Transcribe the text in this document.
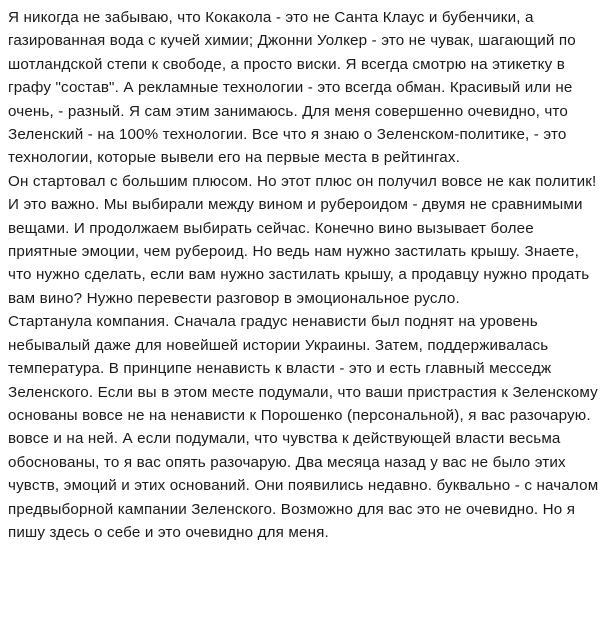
Я никогда не забываю, что Кокакола - это не Санта Клаус и бубенчики, а газированная вода с кучей химии; Джонни Уолкер - это не чувак, шагающий по шотландской степи к свободе, а просто виски. Я всегда смотрю на этикетку в графу "состав". А рекламные технологии - это всегда обман. Красивый или не очень, - разный. Я сам этим занимаюсь. Для меня совершенно очевидно, что Зеленский - на 100% технологии. Все что я знаю о Зеленском-политике, - это технологии, которые вывели его на первые места в рейтингах.

Он стартовал с большим плюсом. Но этот плюс он получил вовсе не как политик! И это важно. Мы выбирали между вином и рубероидом - двумя не сравнимыми вещами. И продолжаем выбирать сейчас. Конечно вино вызывает более приятные эмоции, чем рубероид. Но ведь нам нужно застилать крышу. Знаете, что нужно сделать, если вам нужно застилать крышу, а продавцу нужно продать вам вино? Нужно перевести разговор в эмоциональное русло.

Стартанула компания. Сначала градус ненависти был поднят на уровень небывалый даже для новейшей истории Украины. Затем, поддерживалась температура. В принципе ненависть к власти - это и есть главный месседж Зеленского. Если вы в этом месте подумали, что ваши пристрастия к Зеленскому основаны вовсе не на ненависти к Порошенко (персональной), я вас разочарую. вовсе и на ней. А если подумали, что чувства к действующей власти весьма обоснованы, то я вас опять разочарую. Два месяца назад у вас не было этих чувств, эмоций и этих оснований. Они появились недавно. буквально - с началом предвыборной кампании Зеленского. Возможно для вас это не очевидно. Но я пишу здесь о себе и это очевидно для меня.
